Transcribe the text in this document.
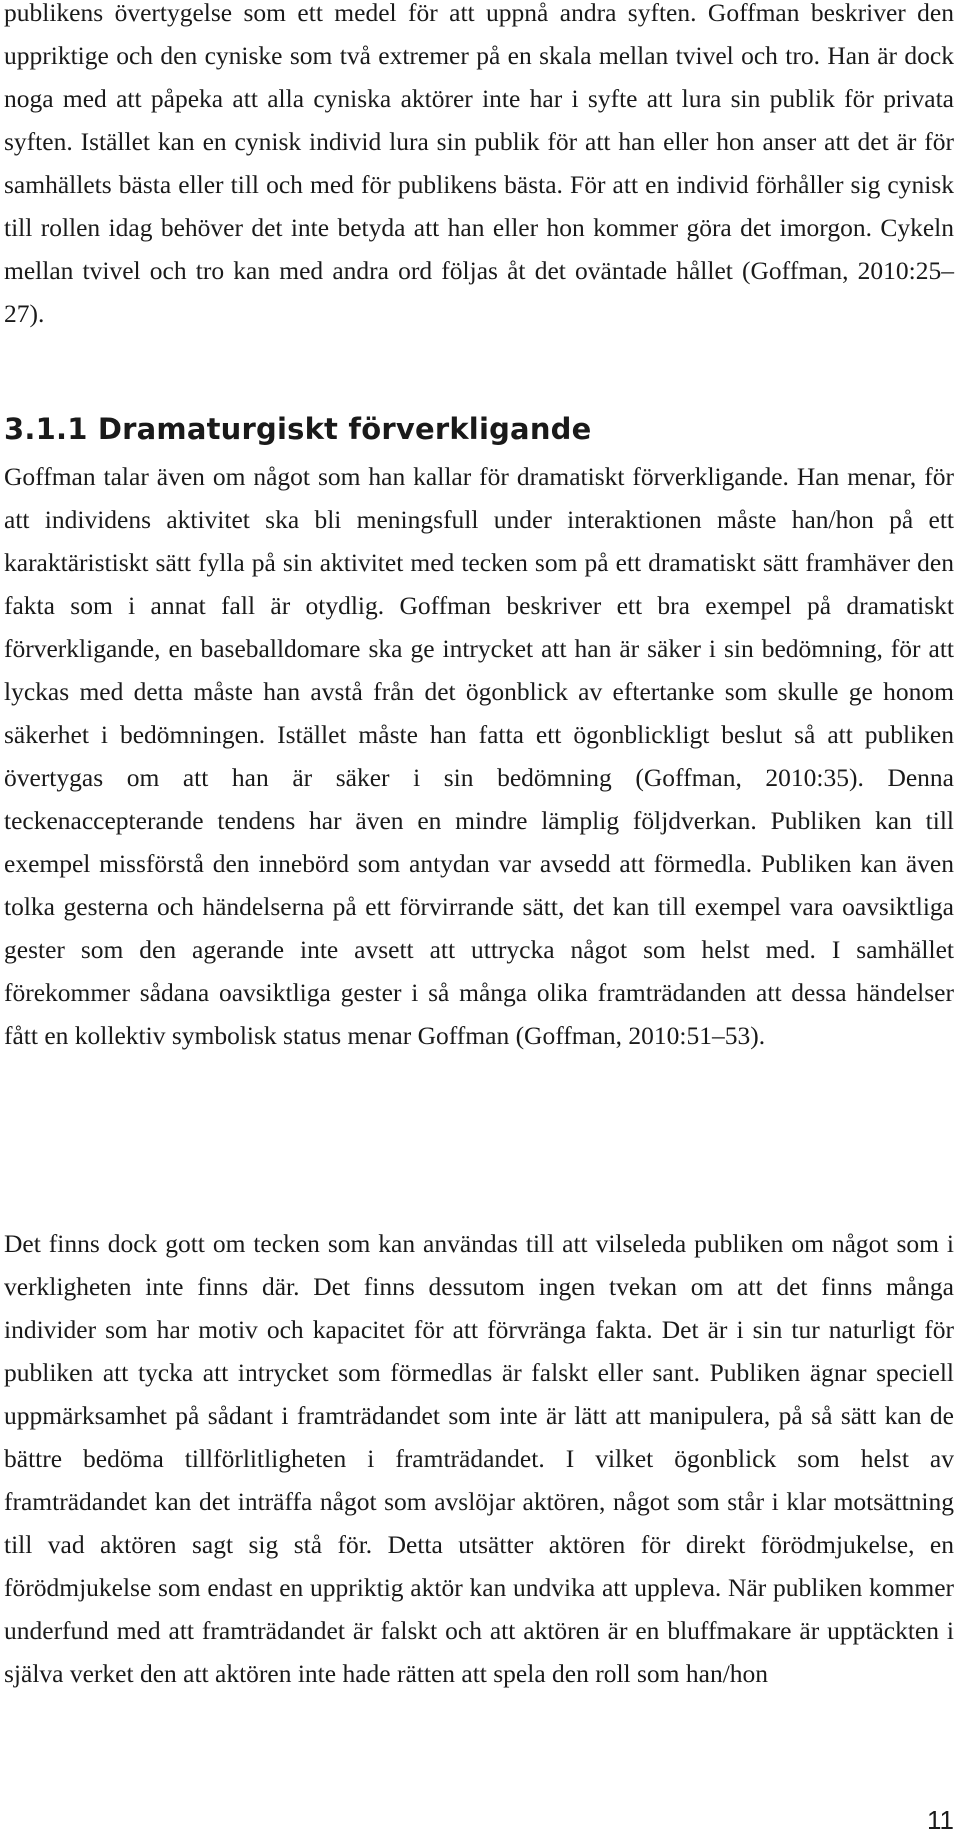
publikens övertygelse som ett medel för att uppnå andra syften. Goffman beskriver den uppriktige och den cyniske som två extremer på en skala mellan tvivel och tro. Han är dock noga med att påpeka att alla cyniska aktörer inte har i syfte att lura sin publik för privata syften. Istället kan en cynisk individ lura sin publik för att han eller hon anser att det är för samhällets bästa eller till och med för publikens bästa. För att en individ förhåller sig cynisk till rollen idag behöver det inte betyda att han eller hon kommer göra det imorgon. Cykeln mellan tvivel och tro kan med andra ord följas åt det oväntade hållet (Goffman, 2010:25–27).

3.1.1 Dramaturgiskt förverkligande

Goffman talar även om något som han kallar för dramatiskt förverkligande. Han menar, för att individens aktivitet ska bli meningsfull under interaktionen måste han/hon på ett karaktäristiskt sätt fylla på sin aktivitet med tecken som på ett dramatiskt sätt framhäver den fakta som i annat fall är otydlig. Goffman beskriver ett bra exempel på dramatiskt förverkligande, en baseballdomare ska ge intrycket att han är säker i sin bedömning, för att lyckas med detta måste han avstå från det ögonblick av eftertanke som skulle ge honom säkerhet i bedömningen. Istället måste han fatta ett ögonblickligt beslut så att publiken övertygas om att han är säker i sin bedömning (Goffman, 2010:35). Denna teckenaccepterande tendens har även en mindre lämplig följdverkan. Publiken kan till exempel missförstå den innebörd som antydan var avsedd att förmedla. Publiken kan även tolka gesterna och händelserna på ett förvirrande sätt, det kan till exempel vara oavsiktliga gester som den agerande inte avsett att uttrycka något som helst med. I samhället förekommer sådana oavsiktliga gester i så många olika framträdanden att dessa händelser fått en kollektiv symbolisk status menar Goffman (Goffman, 2010:51–53).

Det finns dock gott om tecken som kan användas till att vilseleda publiken om något som i verkligheten inte finns där. Det finns dessutom ingen tvekan om att det finns många individer som har motiv och kapacitet för att förvränga fakta. Det är i sin tur naturligt för publiken att tycka att intrycket som förmedlas är falskt eller sant. Publiken ägnar speciell uppmärksamhet på sådant i framträdandet som inte är lätt att manipulera, på så sätt kan de bättre bedöma tillförlitligheten i framträdandet. I vilket ögonblick som helst av framträdandet kan det inträffa något som avslöjar aktören, något som står i klar motsättning till vad aktören sagt sig stå för. Detta utsätter aktören för direkt förödmjukelse, en förödmjukelse som endast en uppriktig aktör kan undvika att uppleva. När publiken kommer underfund med att framträdandet är falskt och att aktören är en bluffmakare är upptäckten i själva verket den att aktören inte hade rätten att spela den roll som han/hon

11
